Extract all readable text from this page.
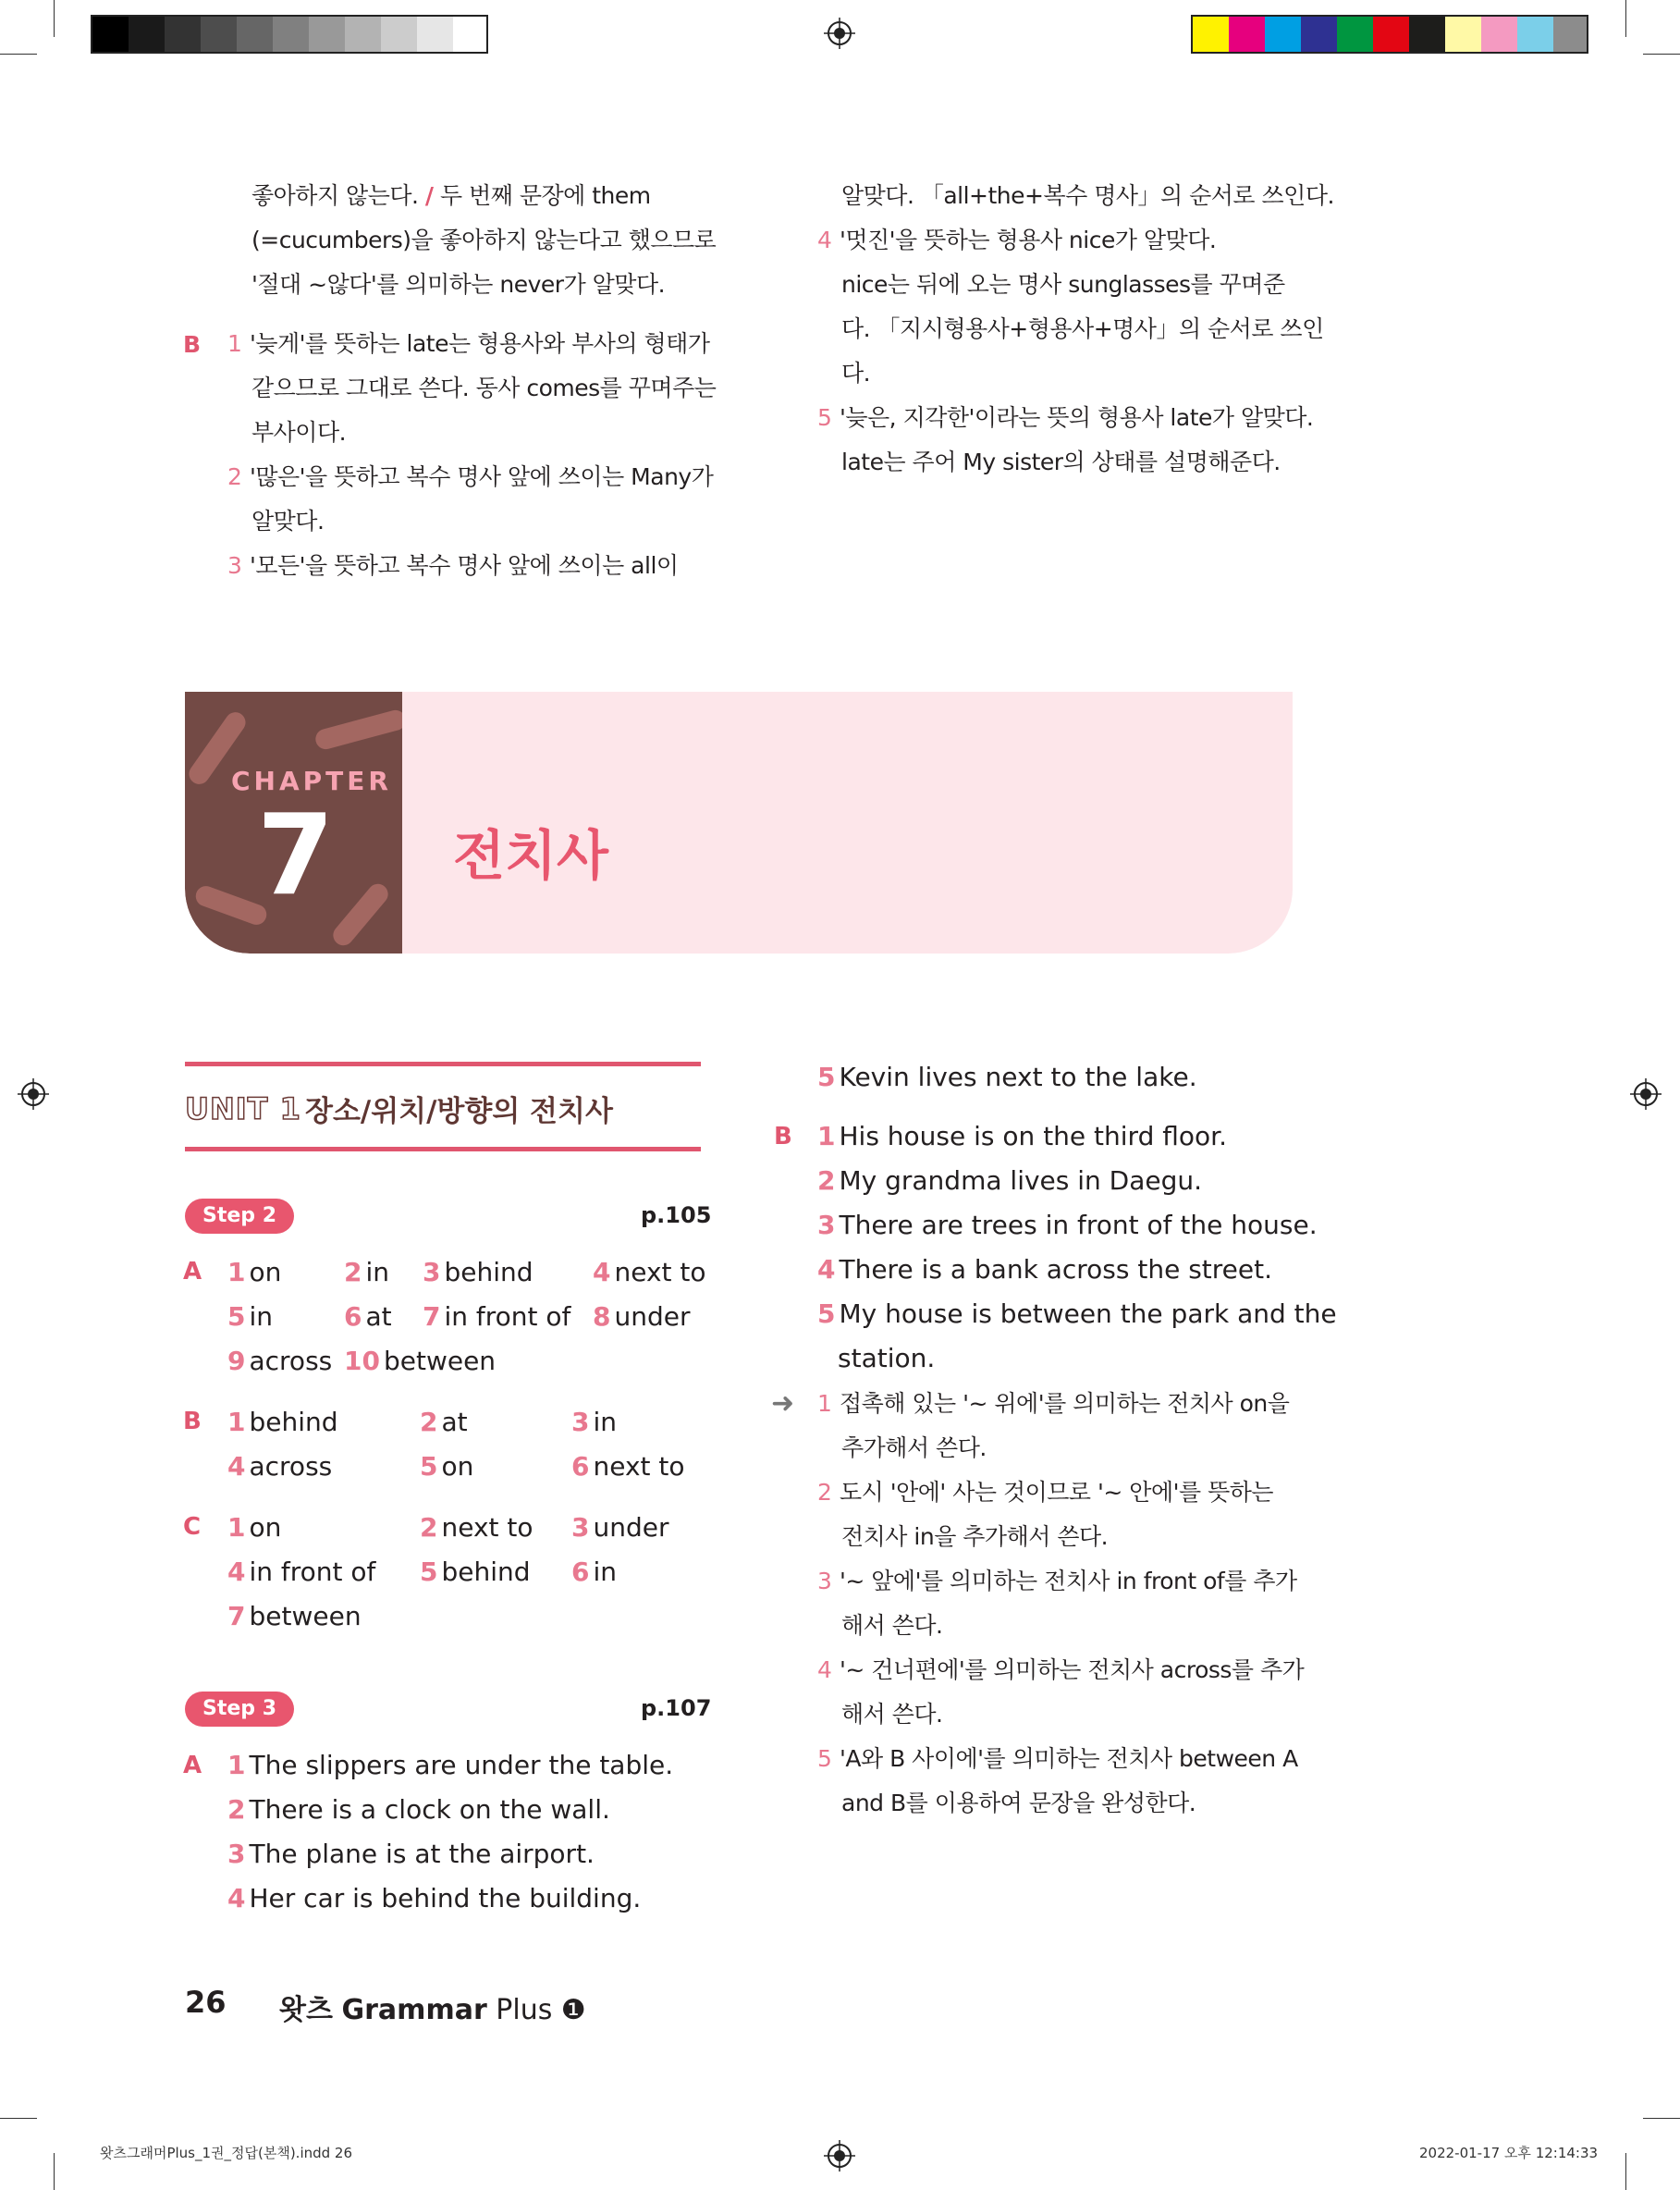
좋아하지 않는다. / 두 번째 문장에 them
(=cucumbers)을 좋아하지 않는다고 했으므로
'절대 ~않다'를 의미하는 never가 알맞다.
B 1 '늦게'를 뜻하는 late는 형용사와 부사의 형태가
같으므로 그대로 쓴다. 동사 comes를 꾸며주는
부사이다.
2 '많은'을 뜻하고 복수 명사 앞에 쓰이는 Many가
알맞다.
3 '모든'을 뜻하고 복수 명사 앞에 쓰이는 all이
알맞다. 「all+the+복수 명사」의 순서로 쓰인다.
4 '멋진'을 뜻하는 형용사 nice가 알맞다.
nice는 뒤에 오는 명사 sunglasses를 꾸며준
다. 「지시형용사+형용사+명사」의 순서로 쓰인
다.
5 '늦은, 지각한'이라는 뜻의 형용사 late가 알맞다.
late는 주어 My sister의 상태를 설명해준다.
CHAPTER
7 전치사
UNIT 1 장소/위치/방향의 전치사
Step 2	p.105
A 1 on 2 in 3 behind 4 next to
5 in	6 at 7 in front of 8 under
9 across 10 between
B 1 behind	2 at	3 in
4 across	5 on	6 next to
C 1 on	2 next to 3 under
4 in front of 5 behind 6 in
7 between
Step 3	p.107
A 1 The slippers are under the table.
2 There is a clock on the wall.
3 The plane is at the airport.
4 Her car is behind the building.
5 Kevin lives next to the lake.
B 1 His house is on the third floor.
2 My grandma lives in Daegu.
3 There are trees in front of the house.
4 There is a bank across the street.
5 My house is between the park and the
station.
➜ 1 접촉해 있는 '~ 위에'를 의미하는 전치사 on을
추가해서 쓴다.
2 도시 '안에' 사는 것이므로 '~ 안에'를 뜻하는
전치사 in을 추가해서 쓴다.
3 '~ 앞에'를 의미하는 전치사 in front of를 추가
해서 쓴다.
4 '~ 건너편에'를 의미하는 전치사 across를 추가
해서 쓴다.
5 'A와 B 사이에'를 의미하는 전치사 between A
and B를 이용하여 문장을 완성한다.
26 왓츠 Grammar Plus ❶
왓츠그래머Plus_1권_정답(본책).indd 26	2022-01-17 오후 12:14:33
